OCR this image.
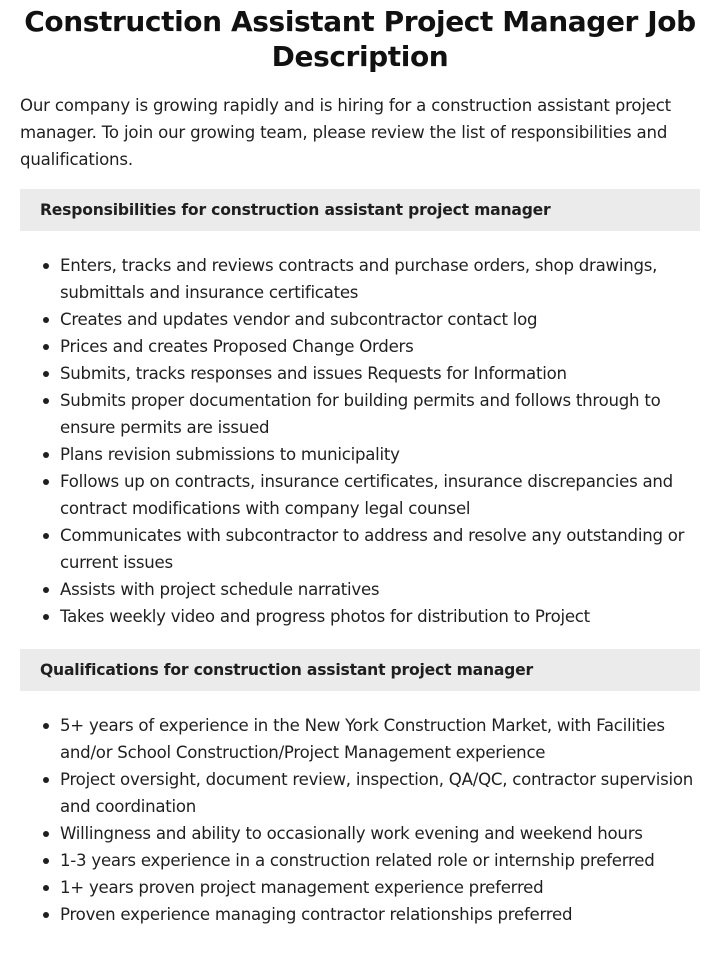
Construction Assistant Project Manager Job Description

Our company is growing rapidly and is hiring for a construction assistant project manager. To join our growing team, please review the list of responsibilities and qualifications.

Responsibilities for construction assistant project manager
Enters, tracks and reviews contracts and purchase orders, shop drawings, submittals and insurance certificates
Creates and updates vendor and subcontractor contact log
Prices and creates Proposed Change Orders
Submits, tracks responses and issues Requests for Information
Submits proper documentation for building permits and follows through to ensure permits are issued
Plans revision submissions to municipality
Follows up on contracts, insurance certificates, insurance discrepancies and contract modifications with company legal counsel
Communicates with subcontractor to address and resolve any outstanding or current issues
Assists with project schedule narratives
Takes weekly video and progress photos for distribution to Project
Qualifications for construction assistant project manager
5+ years of experience in the New York Construction Market, with Facilities and/or School Construction/Project Management experience
Project oversight, document review, inspection, QA/QC, contractor supervision and coordination
Willingness and ability to occasionally work evening and weekend hours
1-3 years experience in a construction related role or internship preferred
1+ years proven project management experience preferred
Proven experience managing contractor relationships preferred
